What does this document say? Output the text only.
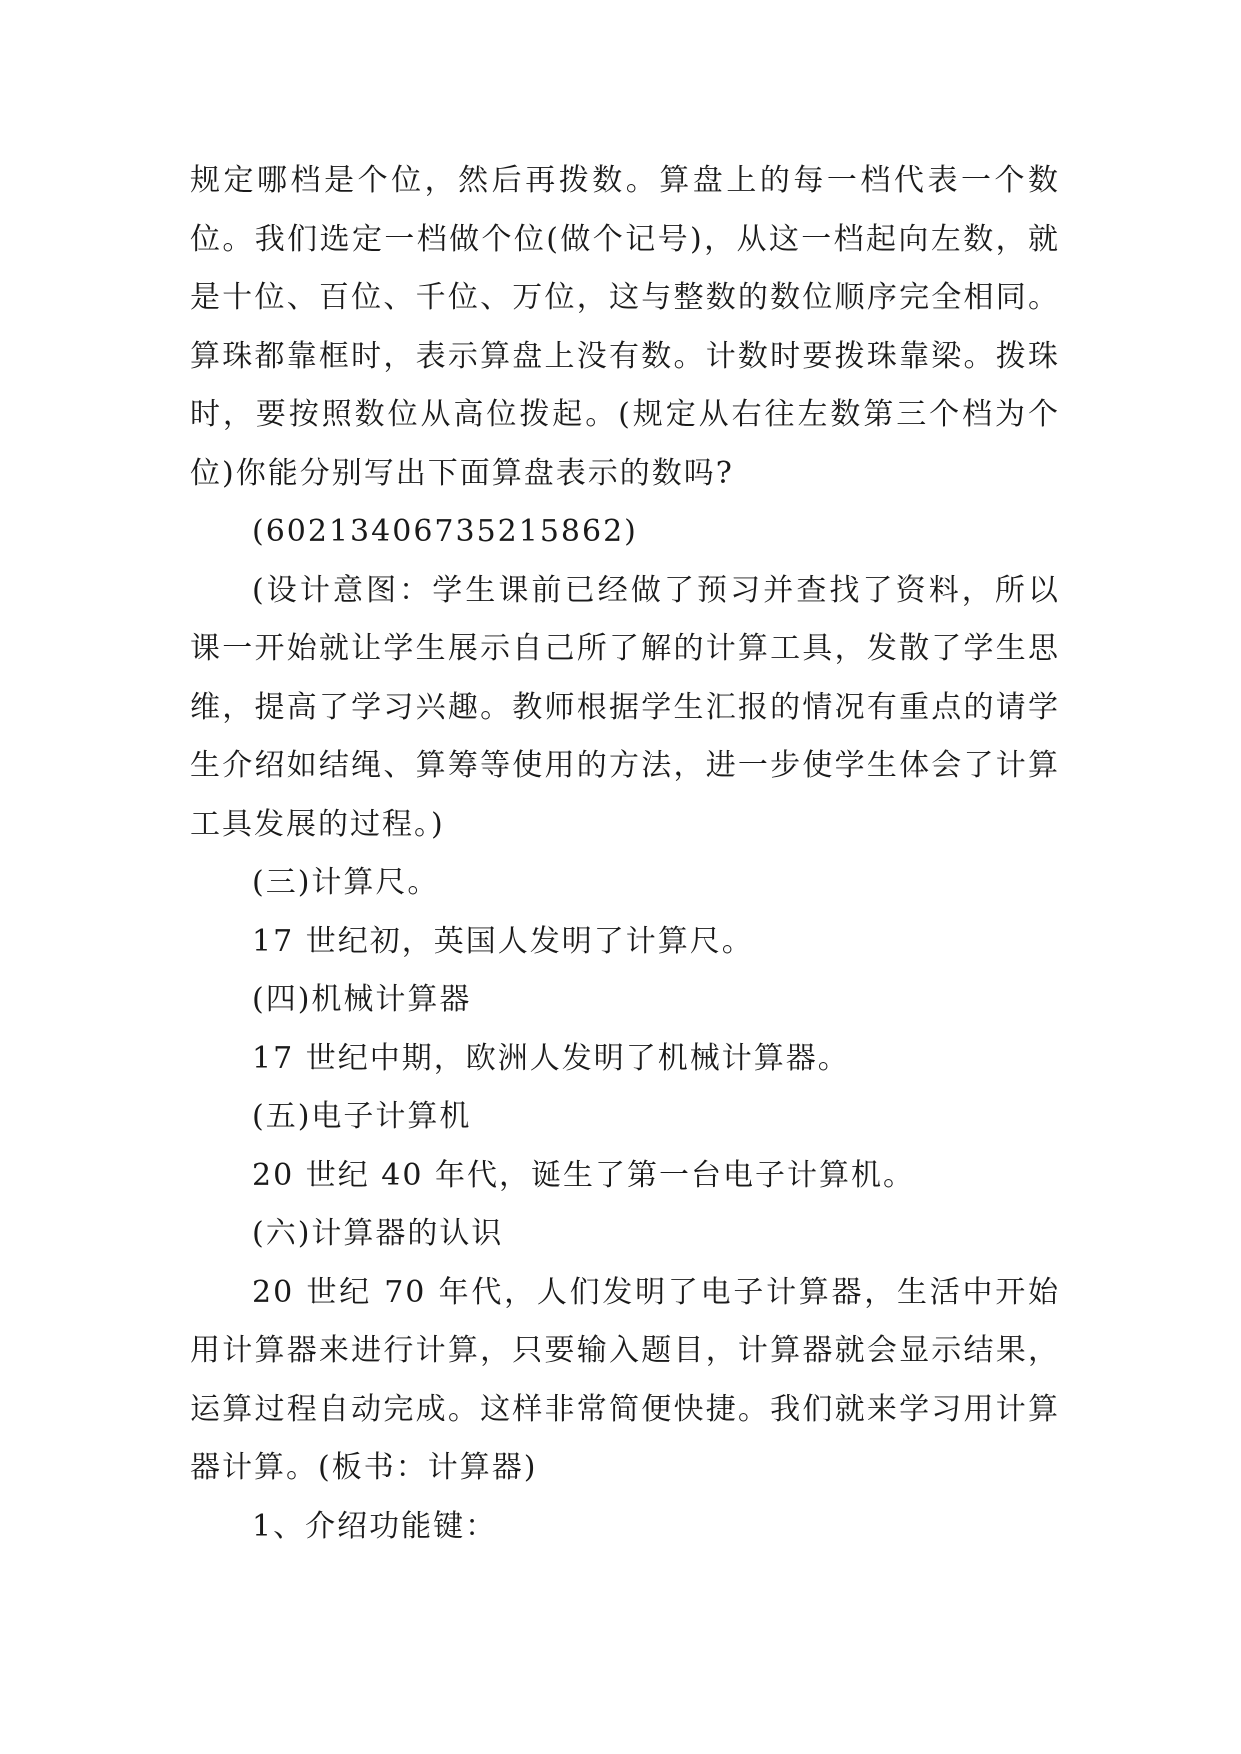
规定哪档是个位，然后再拨数。算盘上的每一档代表一个数位。我们选定一档做个位(做个记号)，从这一档起向左数，就是十位、百位、千位、万位，这与整数的数位顺序完全相同。算珠都靠框时，表示算盘上没有数。计数时要拨珠靠梁。拨珠时，要按照数位从高位拨起。(规定从右往左数第三个档为个位)你能分别写出下面算盘表示的数吗?

(60213406735215862)

(设计意图：学生课前已经做了预习并查找了资料，所以课一开始就让学生展示自己所了解的计算工具，发散了学生思维，提高了学习兴趣。教师根据学生汇报的情况有重点的请学生介绍如结绳、算筹等使用的方法，进一步使学生体会了计算工具发展的过程。)

(三)计算尺。

17 世纪初，英国人发明了计算尺。

(四)机械计算器

17 世纪中期，欧洲人发明了机械计算器。

(五)电子计算机

20 世纪 40 年代，诞生了第一台电子计算机。

(六)计算器的认识

20 世纪 70 年代，人们发明了电子计算器，生活中开始用计算器来进行计算，只要输入题目，计算器就会显示结果，运算过程自动完成。这样非常简便快捷。我们就来学习用计算器计算。(板书：计算器)

1、介绍功能键：
